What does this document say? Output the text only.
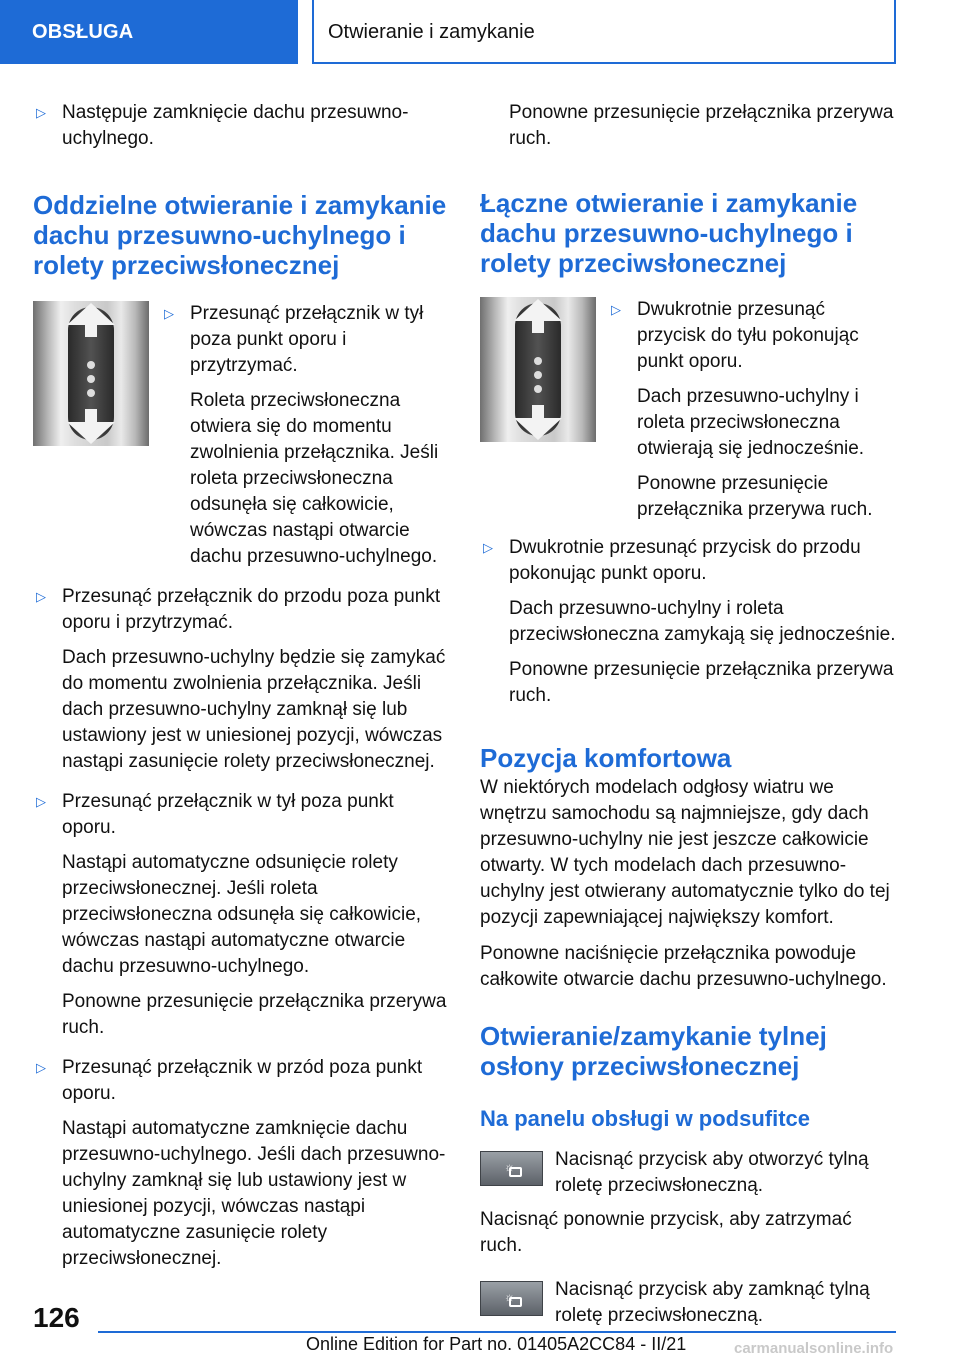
OBSŁUGA	Otwieranie i zamykanie
▷ Następuje zamknięcie dachu przesuwno-uchylnego.

Oddzielne otwieranie i zamykanie dachu przesuwno-uchylnego i rolety przeciwsłonecznej
▷ Przesunąć przełącznik w tył poza punkt oporu i przytrzymać.

Roleta przeciwsłoneczna otwiera się do momentu zwolnienia przełącznika. Jeśli roleta przeciwsłoneczna odsunęła się całkowicie, wówczas nastąpi otwarcie dachu przesuwno-uchylnego.

▷ Przesunąć przełącznik do przodu poza punkt oporu i przytrzymać.

Dach przesuwno-uchylny będzie się zamykać do momentu zwolnienia przełącznika. Jeśli dach przesuwno-uchylny zamknął się lub ustawiony jest w uniesionej pozycji, wówczas nastąpi zasunięcie rolety przeciwsłonecznej.

▷ Przesunąć przełącznik w tył poza punkt oporu.

Nastąpi automatyczne odsunięcie rolety przeciwsłonecznej. Jeśli roleta przeciwsłoneczna odsunęła się całkowicie, wówczas nastąpi automatyczne otwarcie dachu przesuwno-uchylnego.

Ponowne przesunięcie przełącznika przerywa ruch.

▷ Przesunąć przełącznik w przód poza punkt oporu.

Nastąpi automatyczne zamknięcie dachu przesuwno-uchylnego. Jeśli dach przesuwno-uchylny zamknął się lub ustawiony jest w uniesionej pozycji, wówczas nastąpi automatyczne zasunięcie rolety przeciwsłonecznej.

Ponowne przesunięcie przełącznika przerywa ruch.

Łączne otwieranie i zamykanie dachu przesuwno-uchylnego i rolety przeciwsłonecznej
▷ Dwukrotnie przesunąć przycisk do tyłu pokonując punkt oporu.

Dach przesuwno-uchylny i roleta przeciwsłoneczna otwierają się jednocześnie.

Ponowne przesunięcie przełącznika przerywa ruch.

▷ Dwukrotnie przesunąć przycisk do przodu pokonując punkt oporu.

Dach przesuwno-uchylny i roleta przeciwsłoneczna zamykają się jednocześnie.

Ponowne przesunięcie przełącznika przerywa ruch.

Pozycja komfortowa

W niektórych modelach odgłosy wiatru we wnętrzu samochodu są najmniejsze, gdy dach przesuwno-uchylny nie jest jeszcze całkowicie otwarty. W tych modelach dach przesuwno-uchylny jest otwierany automatycznie tylko do tej pozycji zapewniającej największy komfort.

Ponowne naciśnięcie przełącznika powoduje całkowite otwarcie dachu przesuwno-uchylnego.

Otwieranie/zamykanie tylnej osłony przeciwsłonecznej
Na panelu obsługi w podsufitce
☼ Nacisnąć przycisk aby otworzyć tylną roletę przeciwsłoneczną.

Nacisnąć ponownie przycisk, aby zatrzymać ruch.

☼ Nacisnąć przycisk aby zamknąć tylną roletę przeciwsłoneczną.

126
Online Edition for Part no. 01405A2CC84 - II/21	carmanualsonline.info
